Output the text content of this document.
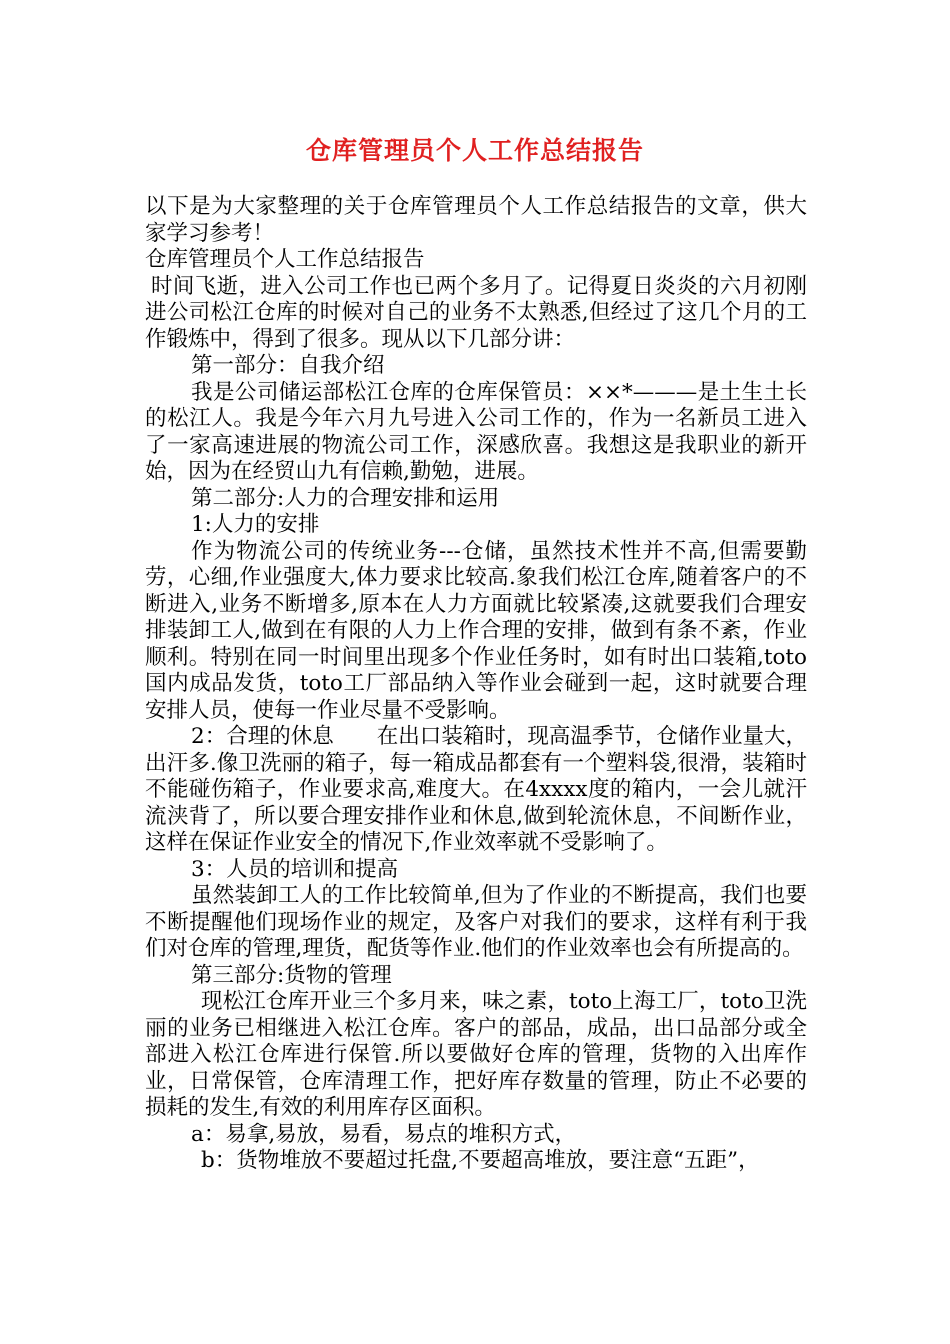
仓库管理员个人工作总结报告

以下是为大家整理的关于仓库管理员个人工作总结报告的文章，供大家学习参考！

仓库管理员个人工作总结报告

时间飞逝，进入公司工作也已两个多月了。记得夏日炎炎的六月初刚进公司松江仓库的时候对自己的业务不太熟悉,但经过了这几个月的工作锻炼中，得到了很多。现从以下几部分讲：

第一部分：自我介绍

我是公司储运部松江仓库的仓库保管员：××*———是土生土长的松江人。我是今年六月九号进入公司工作的，作为一名新员工进入了一家高速进展的物流公司工作，深感欣喜。我想这是我职业的新开始，因为在经贸山九有信赖,勤勉，进展。

第二部分:人力的合理安排和运用

1:人力的安排

作为物流公司的传统业务---仓储，虽然技术性并不高,但需要勤劳，心细,作业强度大,体力要求比较高.象我们松江仓库,随着客户的不断进入,业务不断增多,原本在人力方面就比较紧凑,这就要我们合理安排装卸工人,做到在有限的人力上作合理的安排，做到有条不紊，作业顺利。特别在同一时间里出现多个作业任务时，如有时出口装箱,toto国内成品发货，toto工厂部品纳入等作业会碰到一起，这时就要合理安排人员，使每一作业尽量不受影响。

2：合理的休息　　在出口装箱时，现高温季节，仓储作业量大，出汗多.像卫洗丽的箱子，每一箱成品都套有一个塑料袋,很滑，装箱时不能碰伤箱子，作业要求高,难度大。在4xxxx度的箱内，一会儿就汗流浃背了，所以要合理安排作业和休息,做到轮流休息，不间断作业，这样在保证作业安全的情况下,作业效率就不受影响了。

3：人员的培训和提高

虽然装卸工人的工作比较简单,但为了作业的不断提高，我们也要不断提醒他们现场作业的规定，及客户对我们的要求，这样有利于我们对仓库的管理,理货，配货等作业.他们的作业效率也会有所提高的。

第三部分:货物的管理

现松江仓库开业三个多月来，味之素，toto上海工厂，toto卫洗丽的业务已相继进入松江仓库。客户的部品，成品，出口品部分或全部进入松江仓库进行保管.所以要做好仓库的管理，货物的入出库作业，日常保管，仓库清理工作，把好库存数量的管理，防止不必要的损耗的发生,有效的利用库存区面积。

a：易拿,易放，易看，易点的堆积方式，

b：货物堆放不要超过托盘,不要超高堆放，要注意“五距”，
